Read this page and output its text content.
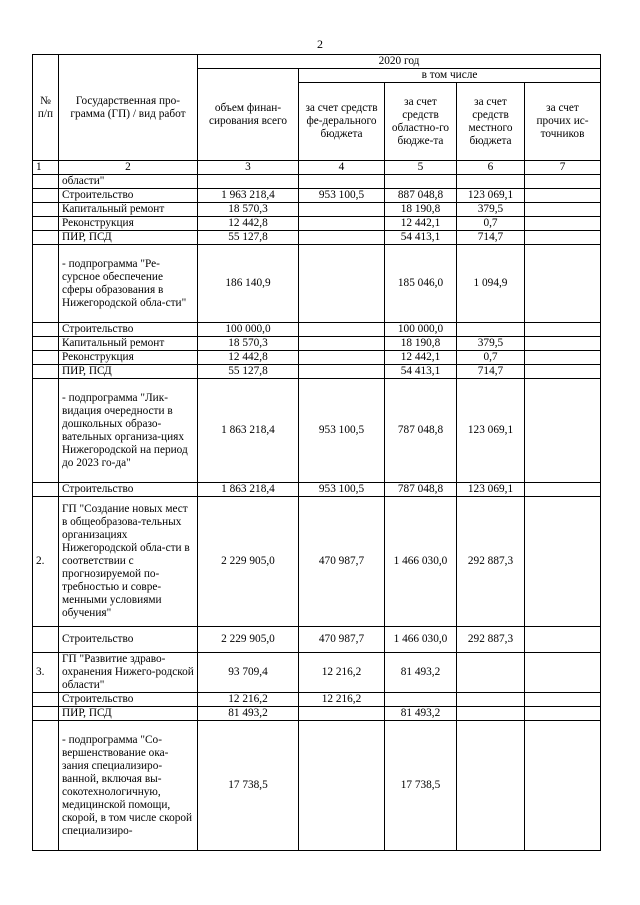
2
№ п/п	Государственная про-грамма (ГП) / вид работ	2020 год				
		объем финан-сирования всего	в том числе			
			за счет средств фе-дерального бюджета	за счет средств областно-го бюдже-та	за счет средств местного бюджета	за счет прочих ис-точников
1	2	3	4	5	6	7
	области"					
	Строительство	1 963 218,4	953 100,5	887 048,8	123 069,1	
	Капитальный ремонт	18 570,3		18 190,8	379,5	
	Реконструкция	12 442,8		12 442,1	0,7	
	ПИР, ПСД	55 127,8		54 413,1	714,7	
	- подпрограмма "Ре-сурсное обеспечение сферы образования в Нижегородской обла-сти"	186 140,9		185 046,0	1 094,9	
	Строительство	100 000,0		100 000,0		
	Капитальный ремонт	18 570,3		18 190,8	379,5	
	Реконструкция	12 442,8		12 442,1	0,7	
	ПИР, ПСД	55 127,8		54 413,1	714,7	
	- подпрограмма "Лик-видация очередности в дошкольных образо-вательных организа-циях Нижегородской на период до 2023 го-да"	1 863 218,4	953 100,5	787 048,8	123 069,1	
	Строительство	1 863 218,4	953 100,5	787 048,8	123 069,1	
2.	ГП "Создание новых мест в общеобразова-тельных организациях Нижегородской обла-сти в соответствии с прогнозируемой по-требностью и совре-менными условиями обучения"	2 229 905,0	470 987,7	1 466 030,0	292 887,3	
	Строительство	2 229 905,0	470 987,7	1 466 030,0	292 887,3	
3.	ГП "Развитие здраво-охранения Нижего-родской области"	93 709,4	12 216,2	81 493,2		
	Строительство	12 216,2	12 216,2			
	ПИР, ПСД	81 493,2		81 493,2		
	- подпрограмма "Со-вершенствование ока-зания специализиро-ванной, включая вы-сокотехнологичную, медицинской помощи, скорой, в том числе скорой специализиро-	17 738,5		17 738,5		
